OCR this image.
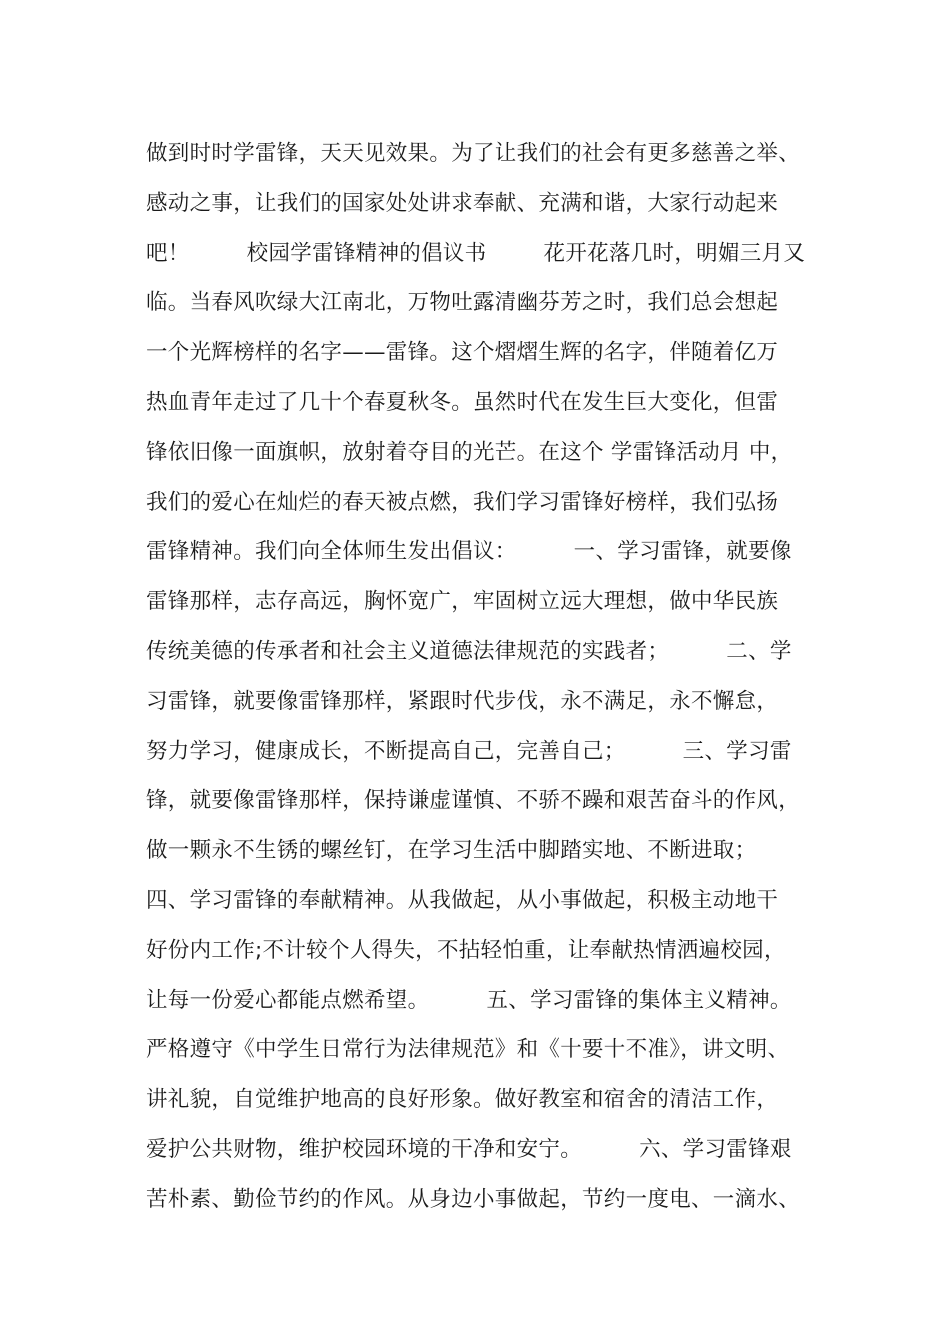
做到时时学雷锋，天天见效果。为了让我们的社会有更多慈善之举、
感动之事，让我们的国家处处讲求奉献、充满和谐，大家行动起来
吧！        校园学雷锋精神的倡议书        花开花落几时，明媚三月又
临。当春风吹绿大江南北，万物吐露清幽芬芳之时，我们总会想起
一个光辉榜样的名字——雷锋。这个熠熠生辉的名字，伴随着亿万
热血青年走过了几十个春夏秋冬。虽然时代在发生巨大变化，但雷
锋依旧像一面旗帜，放射着夺目的光芒。在这个 学雷锋活动月 中，
我们的爱心在灿烂的春天被点燃，我们学习雷锋好榜样，我们弘扬
雷锋精神。我们向全体师生发出倡议：        一、学习雷锋，就要像
雷锋那样，志存高远，胸怀宽广，牢固树立远大理想，做中华民族
传统美德的传承者和社会主义道德法律规范的实践者；        二、学
习雷锋，就要像雷锋那样，紧跟时代步伐，永不满足，永不懈怠，
努力学习，健康成长，不断提高自己，完善自己；        三、学习雷
锋，就要像雷锋那样，保持谦虚谨慎、不骄不躁和艰苦奋斗的作风，
做一颗永不生锈的螺丝钉，在学习生活中脚踏实地、不断进取；
四、学习雷锋的奉献精神。从我做起，从小事做起，积极主动地干
好份内工作;不计较个人得失，不拈轻怕重，让奉献热情洒遍校园，
让每一份爱心都能点燃希望。        五、学习雷锋的集体主义精神。
严格遵守《中学生日常行为法律规范》和《十要十不准》，讲文明、
讲礼貌，自觉维护地高的良好形象。做好教室和宿舍的清洁工作，
爱护公共财物，维护校园环境的干净和安宁。        六、学习雷锋艰
苦朴素、勤俭节约的作风。从身边小事做起，节约一度电、一滴水、
